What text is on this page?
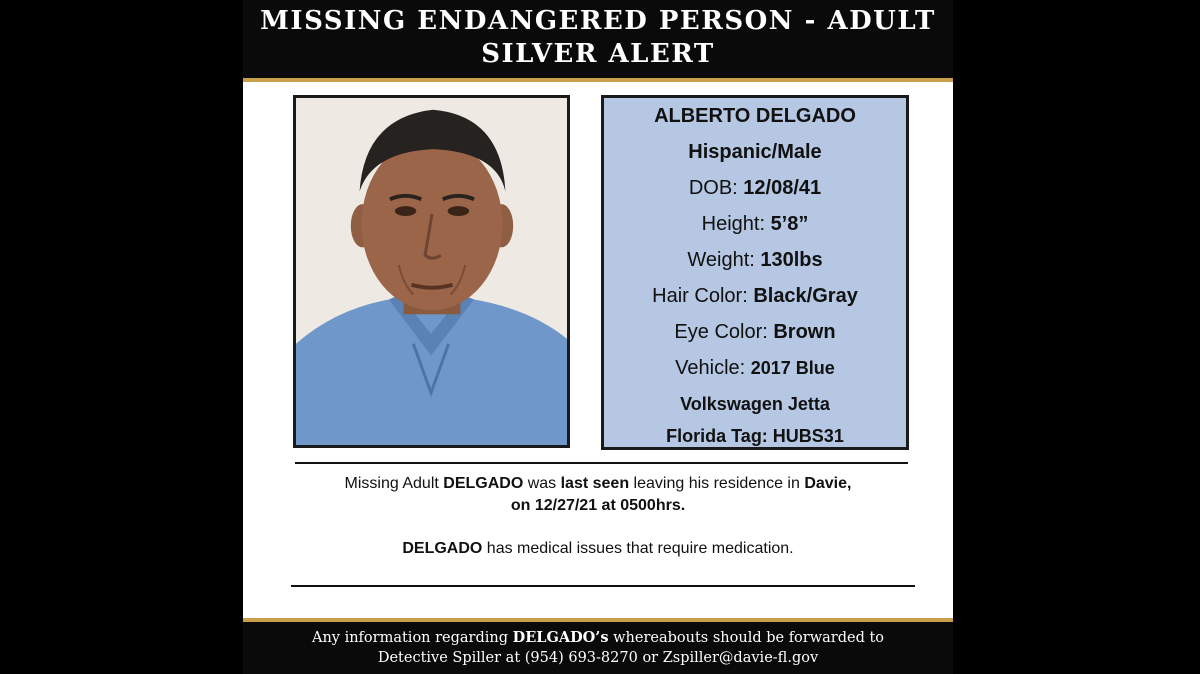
MISSING ENDANGERED PERSON - ADULT
SILVER ALERT
ALBERTO DELGADO
Hispanic/Male
DOB: 12/08/41
Height: 5’8”
Weight: 130lbs
Hair Color: Black/Gray
Eye Color: Brown
Vehicle: 2017 Blue
Volkswagen Jetta
Florida Tag: HUBS31
Missing Adult DELGADO was last seen leaving his residence in Davie,
on 12/27/21 at 0500hrs.
DELGADO has medical issues that require medication.
Any information regarding DELGADO’s whereabouts should be forwarded to
Detective Spiller at (954) 693-8270 or Zspiller@davie-fl.gov
